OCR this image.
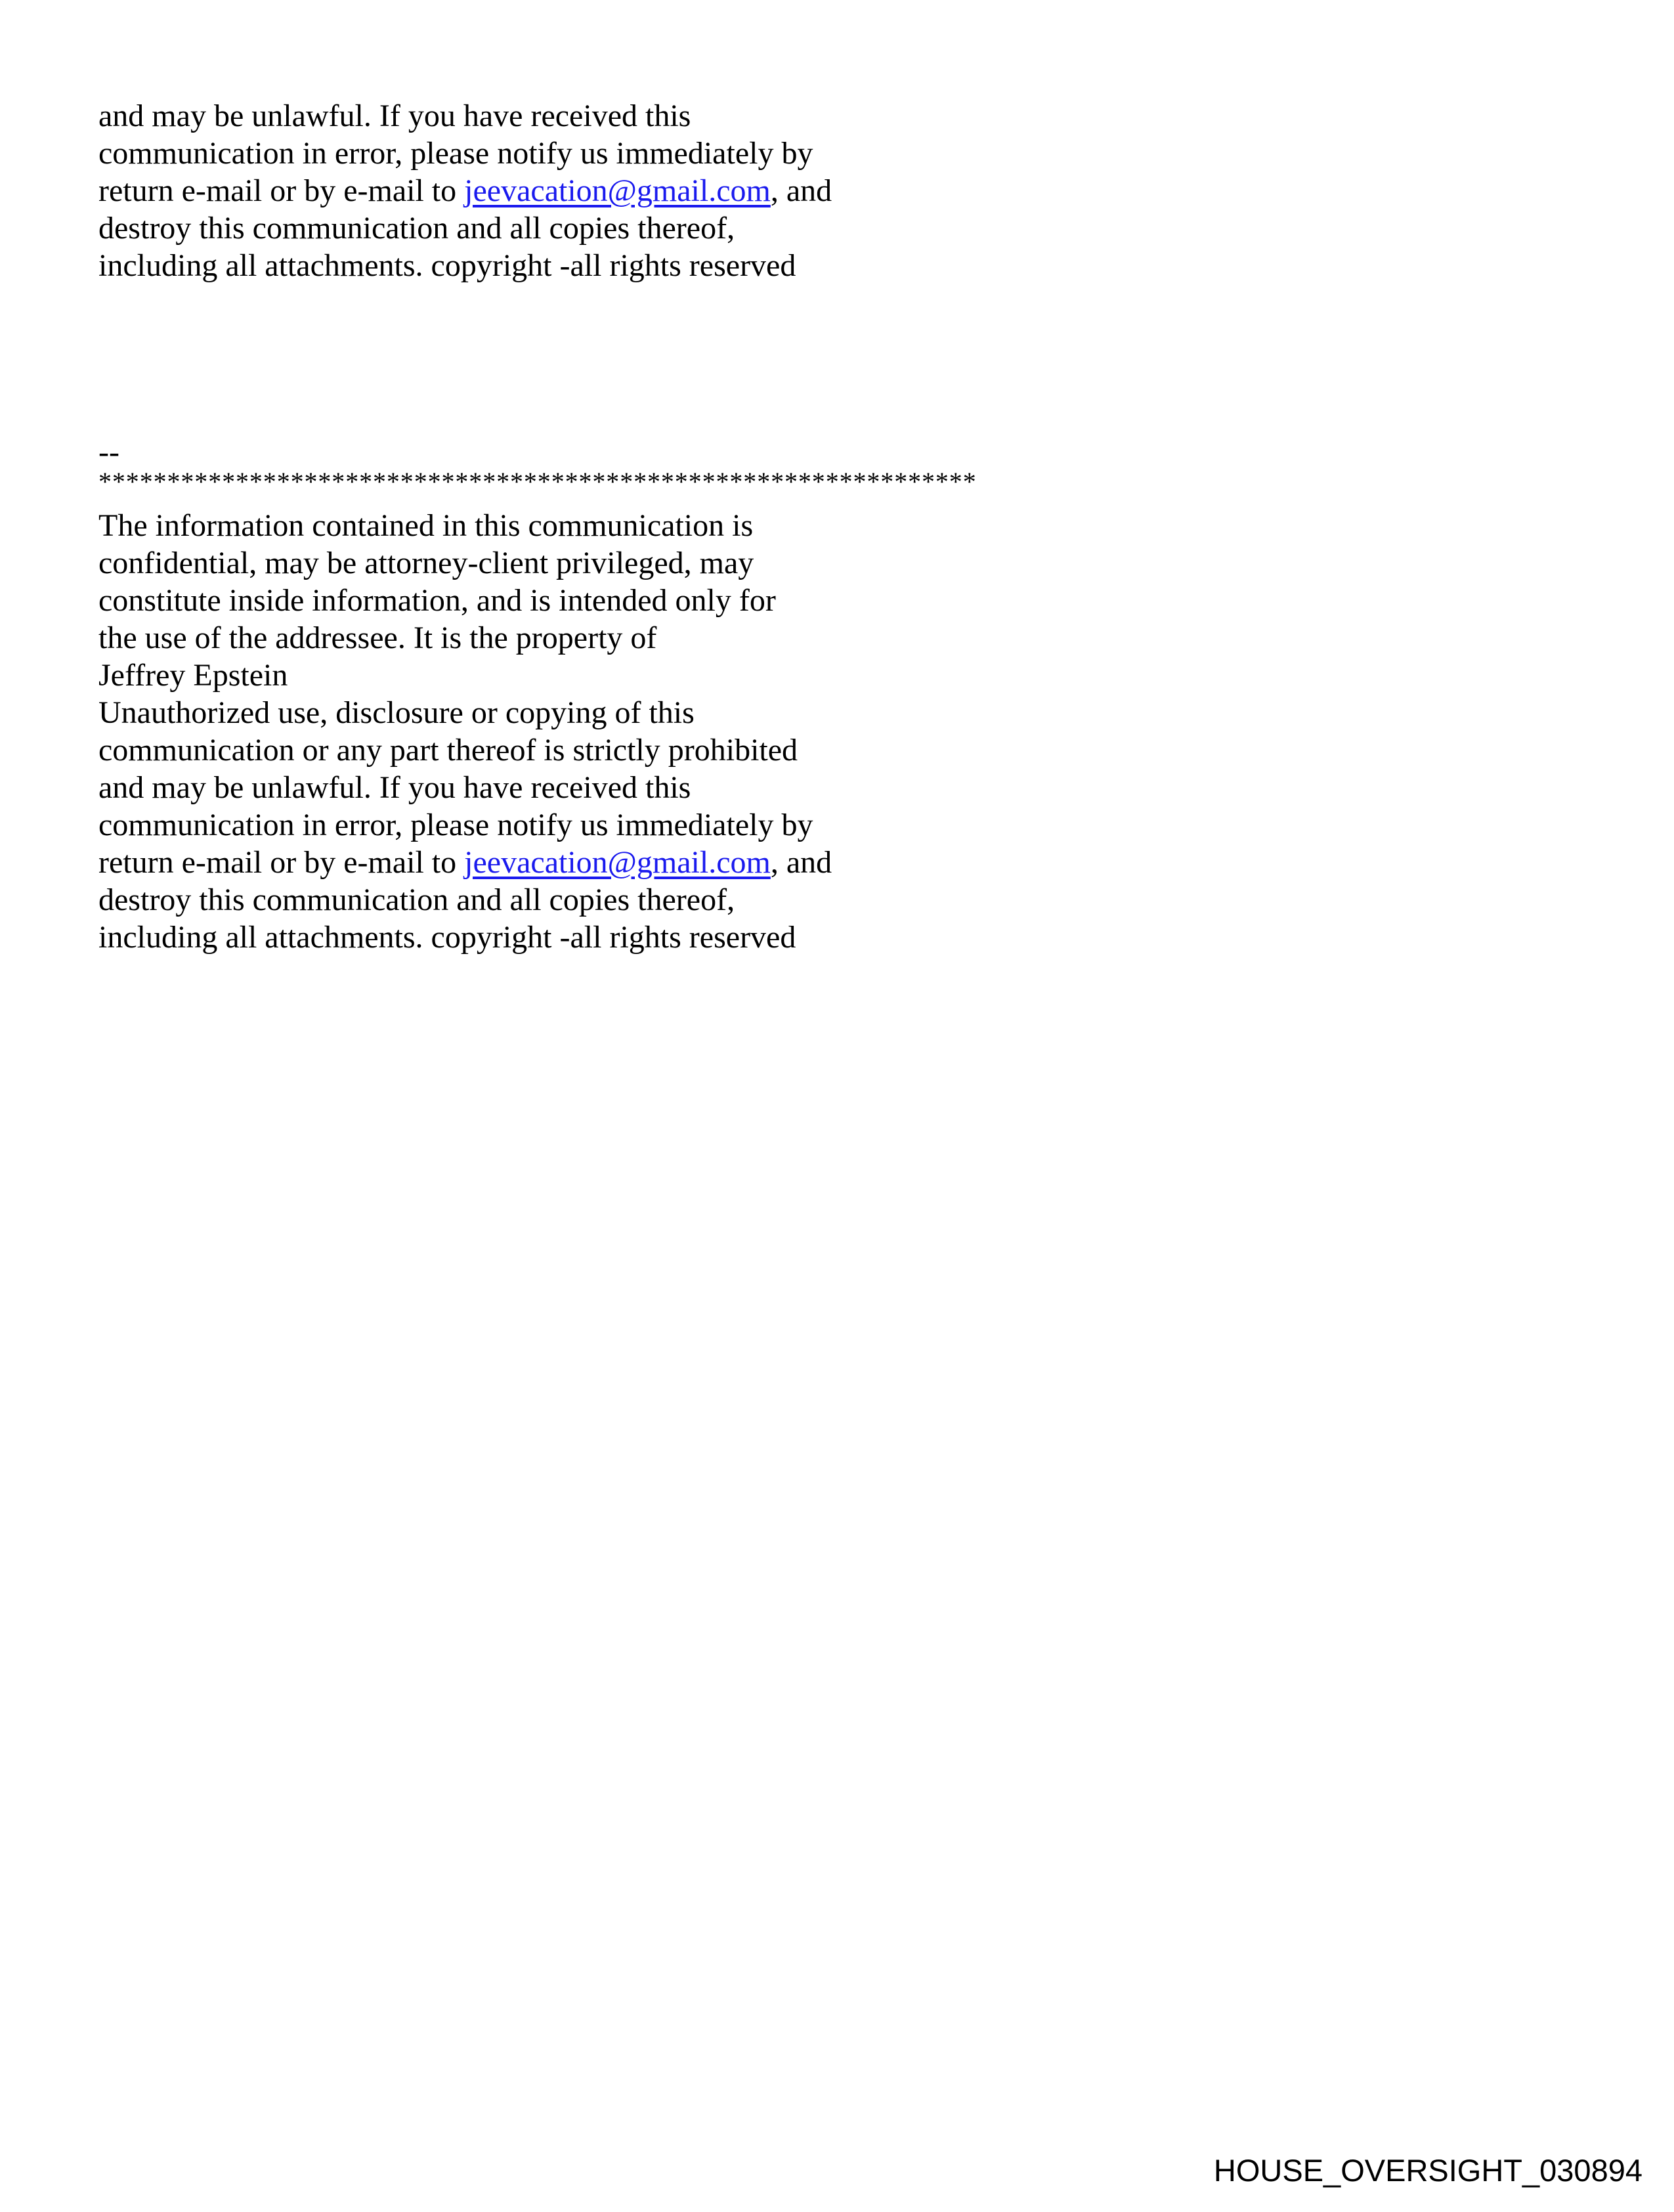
and may be unlawful. If you have received this
communication in error, please notify us immediately by
return e-mail or by e-mail to jeevacation@gmail.com, and
destroy this communication and all copies thereof,
including all attachments. copyright -all rights reserved
--
****************************************************************
The information contained in this communication is
confidential, may be attorney-client privileged, may
constitute inside information, and is intended only for
the use of the addressee. It is the property of
Jeffrey Epstein
Unauthorized use, disclosure or copying of this
communication or any part thereof is strictly prohibited
and may be unlawful. If you have received this
communication in error, please notify us immediately by
return e-mail or by e-mail to jeevacation@gmail.com, and
destroy this communication and all copies thereof,
including all attachments. copyright -all rights reserved
HOUSE_OVERSIGHT_030894
